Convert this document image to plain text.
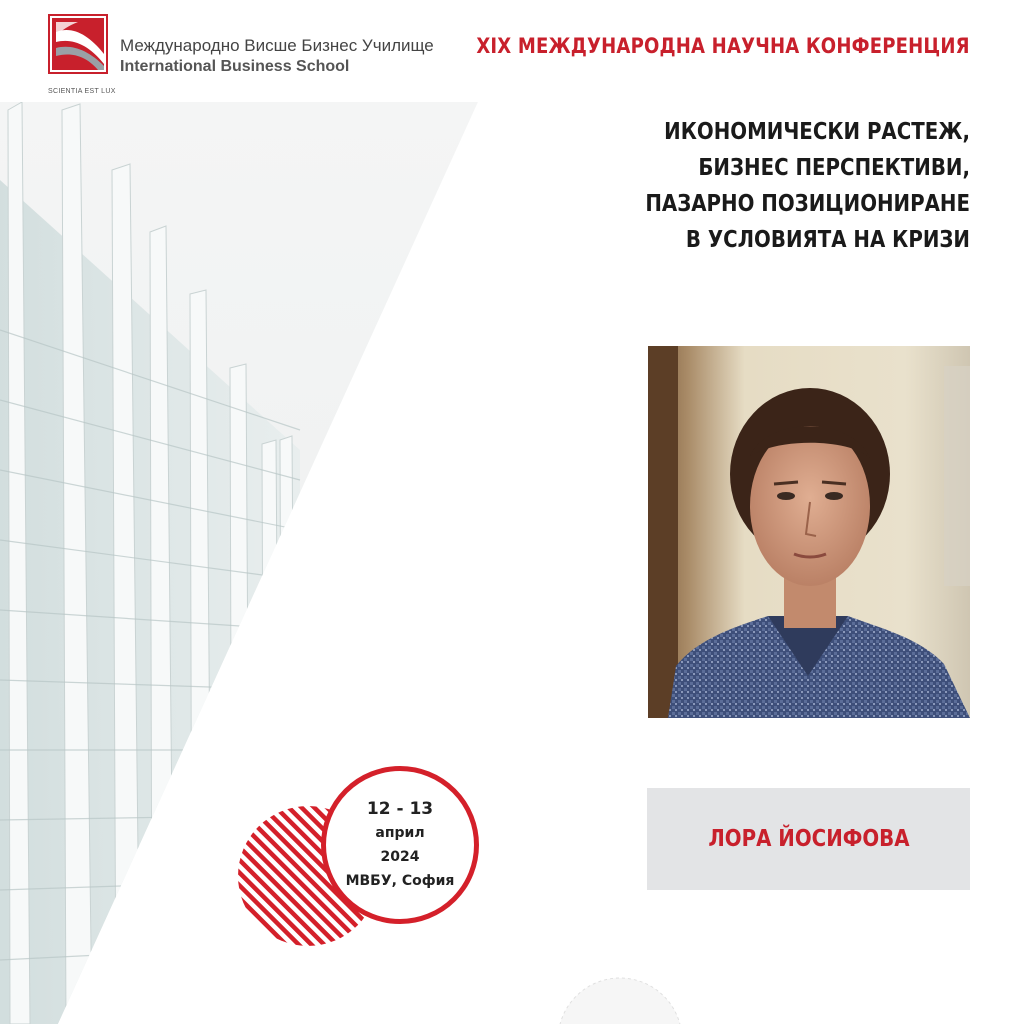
SCIENTIA EST LUX
Международно Висше Бизнес Училище
International Business School
XIX МЕЖДУНАРОДНА НАУЧНА КОНФЕРЕНЦИЯ
ИКОНОМИЧЕСКИ РАСТЕЖ,
БИЗНЕС ПЕРСПЕКТИВИ,
ПАЗАРНО ПОЗИЦИОНИРАНЕ
В УСЛОВИЯТА НА КРИЗИ
ЛОРА ЙОСИФОВА
12 - 13
април
2024
МВБУ, София
